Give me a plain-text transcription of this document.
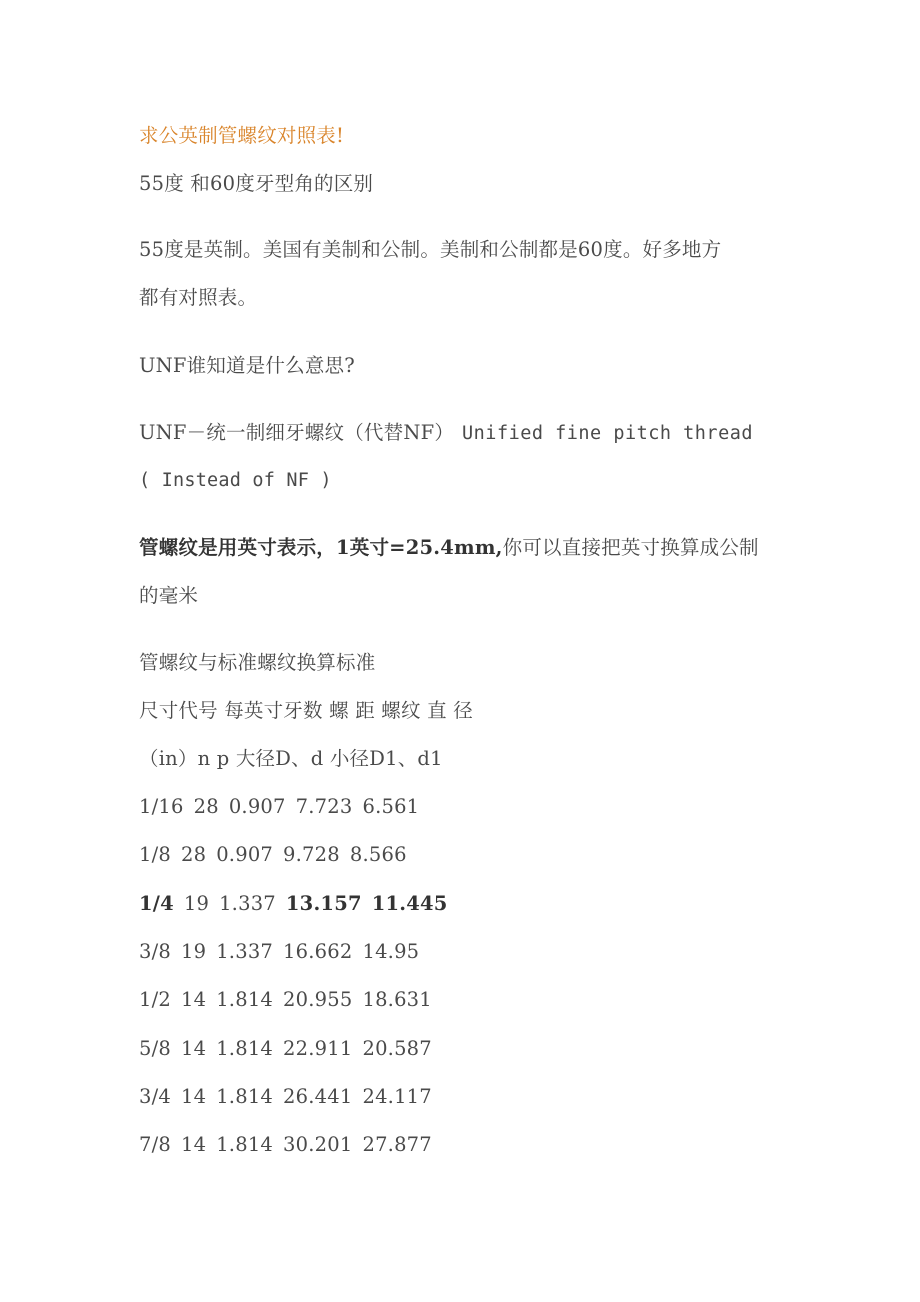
求公英制管螺纹对照表!
55度 和60度牙型角的区别
55度是英制。美国有美制和公制。美制和公制都是60度。好多地方
都有对照表。
UNF谁知道是什么意思?
UNF－统一制细牙螺纹（代替NF） Unified fine pitch thread
( Instead of NF )
管螺纹是用英寸表示，1英寸=25.4mm,你可以直接把英寸换算成公制
的毫米
管螺纹与标准螺纹换算标准
尺寸代号 每英寸牙数 螺 距 螺纹 直 径
（in）n p 大径D、d 小径D1、d1
1/16 28 0.907 7.723 6.561
1/8 28 0.907 9.728 8.566
1/4 19 1.337 13.157 11.445
3/8 19 1.337 16.662 14.95
1/2 14 1.814 20.955 18.631
5/8 14 1.814 22.911 20.587
3/4 14 1.814 26.441 24.117
7/8 14 1.814 30.201 27.877
